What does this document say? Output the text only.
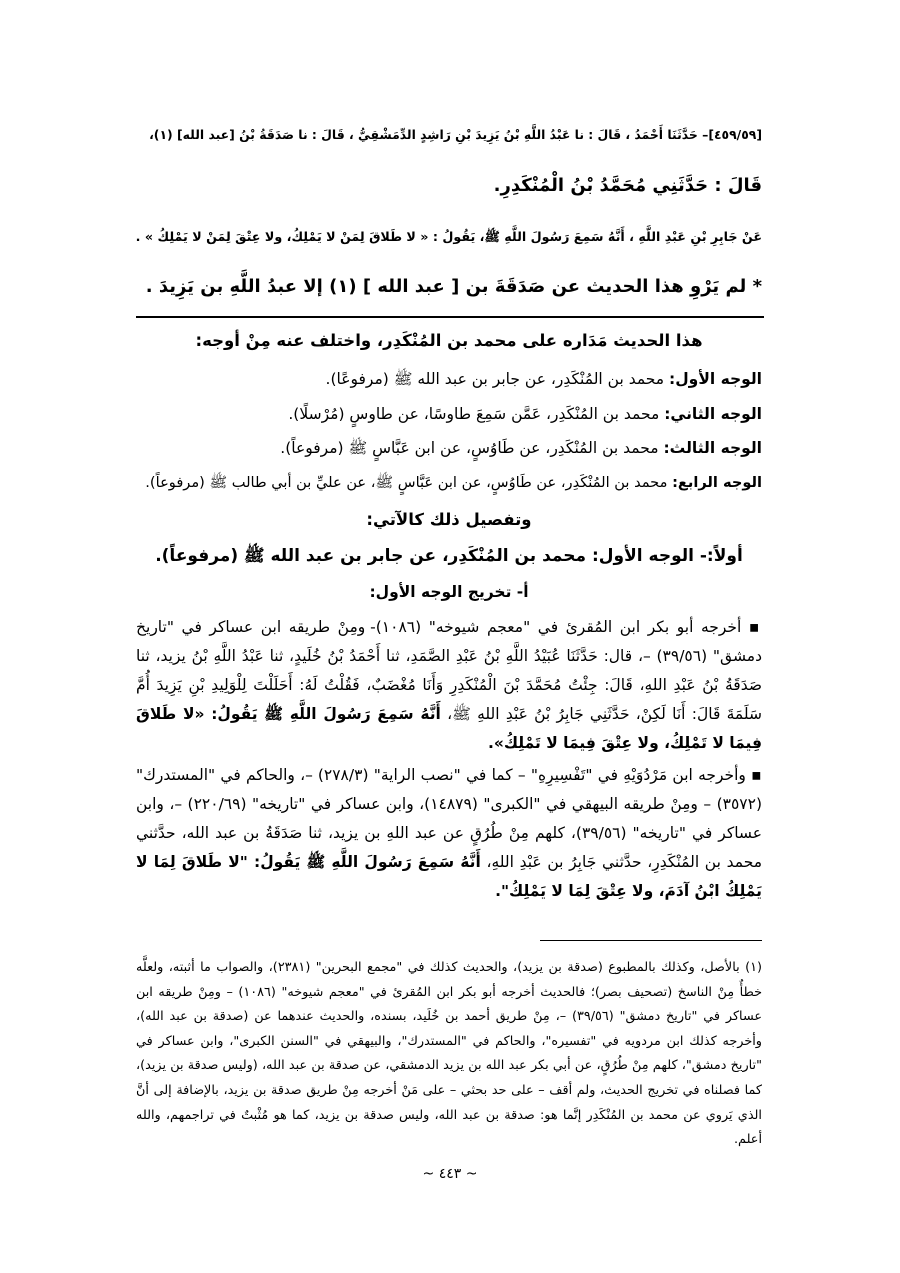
[٤٥٩/٥٩]– حَدَّثَنَا أَحْمَدُ ، قَالَ : نا عَبْدُ اللَّهِ بْنُ يَزِيدَ بْنِ رَاشِدٍ الدِّمَشْقِيُّ ، قَالَ : نا صَدَقَةُ بْنُ [عبد الله] (١)،
قَالَ : حَدَّثَنِي مُحَمَّدُ بْنُ الْمُنْكَدِرِ.
عَنْ جَابِرِ بْنِ عَبْدِ اللَّهِ ، أَنَّهُ سَمِعَ رَسُولَ اللَّهِ ﷺ، يَقُولُ : « لا طَلاقَ لِمَنْ لا يَمْلِكُ، ولا عِتْقَ لِمَنْ لا يَمْلِكُ » .
* لم يَرْوِ هذا الحديث عن صَدَقَةَ بن [ عبد الله ] (١) إلا عبدُ اللَّهِ بن يَزِيدَ .
هذا الحديث مَدَاره على محمد بن المُنْكَدِر، واختلف عنه مِنْ أوجه:
الوجه الأول: محمد بن المُنْكَدِر، عن جابر بن عبد الله ﷺ (مرفوعًا).
الوجه الثاني: محمد بن المُنْكَدِر، عَمَّن سَمِعَ طاوسًا، عن طاوسٍ (مُرْسلًا).
الوجه الثالث: محمد بن المُنْكَدِر، عن طَاوُسٍ، عن ابن عَبَّاسٍ ﷺ (مرفوعاً).
الوجه الرابع: محمد بن المُنْكَدِر، عن طَاوُسٍ، عن ابن عَبَّاسٍ ﷺ، عن عليِّ بن أبي طالب ﷺ (مرفوعاً).
وتفصيل ذلك كالآتي:
أولاً:- الوجه الأول: محمد بن المُنْكَدِر، عن جابر بن عبد الله ﷺ (مرفوعاً).
أ- تخريج الوجه الأول:
▪ أخرجه أبو بكر ابن المُقرئ في "معجم شيوخه" (١٠٨٦)- ومِنْ طريقه ابن عساكر في "تاريخ دمشق" (٣٩/٥٦) –، قال: حَدَّثَنَا عُبَيْدُ اللَّهِ بْنُ عَبْدِ الصَّمَدِ، ثنا أَحْمَدُ بْنُ خُلَيدٍ، ثنا عَبْدُ اللَّهِ بْنُ يزيد، ثنا صَدَقَةُ بْنُ عَبْدِ اللهِ، قَالَ: جِئْتُ مُحَمَّدَ بْنَ الْمُنْكَدِرِ وَأَنَا مُغْضَبٌ، فَقُلْتُ لَهُ: أَحَلَلْتَ لِلْوَلِيدِ بْنِ يَزِيدَ أُمَّ سَلَمَةَ قَالَ: أَنَا لَكِنْ، حَدَّثَنِي جَابِرُ بْنُ عَبْدِ اللهِ ﷺ، أَنَّهُ سَمِعَ رَسُولَ اللَّهِ ﷺ يَقُولُ: «لا طَلاقَ فِيمَا لا تَمْلِكُ، ولا عِتْقَ فِيمَا لا تَمْلِكُ».
▪ وأخرجه ابن مَرْدُوَيْهِ في "تَفْسِيرِهِ" – كما في "نصب الراية" (٢٧٨/٣) –، والحاكم في "المستدرك" (٣٥٧٢) – ومِنْ طريقه البيهقي في "الكبرى" (١٤٨٧٩)، وابن عساكر في "تاريخه" (٢٢٠/٦٩) –، وابن عساكر في "تاريخه" (٣٩/٥٦)، كلهم مِنْ طُرُقٍ عن عبد اللهِ بن يزيد، ثنا صَدَقَةُ بن عبد الله، حدَّثني محمد بن المُنْكَدِرِ، حدَّثني جَابِرُ بن عَبْدِ اللهِ، أَنَّهُ سَمِعَ رَسُولَ اللَّهِ ﷺ يَقُولُ: "لا طَلاقَ لِمَا لا يَمْلِكُ ابْنُ آدَمَ، ولا عِتْقَ لِمَا لا يَمْلِكُ".
(١) بالأصل، وكذلك بالمطبوع (صدقة بن يزيد)، والحديث كذلك في "مجمع البحرين" (٢٣٨١)، والصواب ما أثبته، ولعلَّه خطأٌ مِنْ الناسخ (تصحيف بصر)؛ فالحديث أخرجه أبو بكر ابن المُقرئ في "معجم شيوخه" (١٠٨٦) – ومِنْ طريقه ابن عساكر في "تاريخ دمشق" (٣٩/٥٦) –، مِنْ طريق أحمد بن خُلَيد، بسنده، والحديث عندهما عن (صدقة بن عبد الله)، وأخرجه كذلك ابن مردويه في "تفسيره"، والحاكم في "المستدرك"، والبيهقي في "السنن الكبرى"، وابن عساكر في "تاريخ دمشق"، كلهم مِنْ طُرُقٍ، عن أبي بكر عبد الله بن يزيد الدمشقي، عن صدقة بن عبد الله، (وليس صدقة بن يزيد)، كما فصلناه في تخريج الحديث، ولم أقف – على حد بحثي – على مَنْ أخرجه مِنْ طريق صدقة بن يزيد، بالإضافة إلى أنَّ الذي يَروي عن محمد بن المُنْكَدِر إنَّما هو: صدقة بن عبد الله، وليس صدقة بن يزيد، كما هو مُثْبتٌ في تراجمهم، والله أعلم.
~ ٤٤٣ ~
